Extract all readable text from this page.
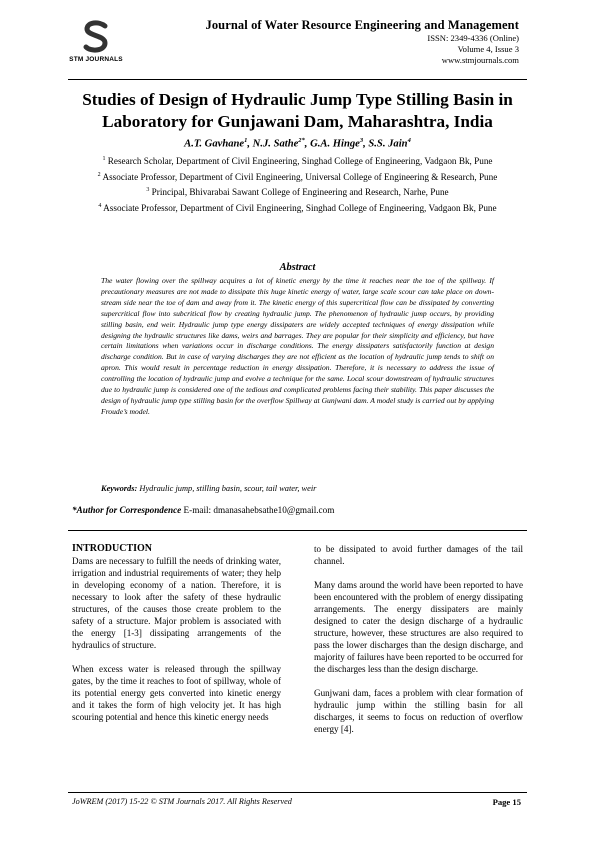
STM JOURNALS
Journal of Water Resource Engineering and Management
ISSN: 2349-4336 (Online)
Volume 4, Issue 3
www.stmjournals.com
Studies of Design of Hydraulic Jump Type Stilling Basin in Laboratory for Gunjawani Dam, Maharashtra, India
A.T. Gavhane$^1$, N.J. Sathe$^{2*}$, G.A. Hinge$^3$, S.S. Jain$^4$
$^1$ Research Scholar, Department of Civil Engineering, Singhad College of Engineering, Vadgaon Bk, Pune
$^2$ Associate Professor, Department of Civil Engineering, Universal College of Engineering & Research, Pune
$^3$ Principal, Bhivarabai Sawant College of Engineering and Research, Narhe, Pune
$^4$ Associate Professor, Department of Civil Engineering, Singhad College of Engineering, Vadgaon Bk, Pune
Abstract
The water flowing over the spillway acquires a lot of kinetic energy by the time it reaches near the toe of the spillway. If precautionary measures are not made to dissipate this huge kinetic energy of water, large scale scour can take place on down-stream side near the toe of dam and away from it. The kinetic energy of this supercritical flow can be dissipated by converting supercritical flow into subcritical flow by creating hydraulic jump. The phenomenon of hydraulic jump occurs, by providing stilling basin, end weir. Hydraulic jump type energy dissipaters are widely accepted techniques of energy dissipation while designing the hydraulic structures like dams, weirs and barrages. They are popular for their simplicity and efficiency, but have certain limitations when variations occur in discharge conditions. The energy dissipaters satisfactorily function at design discharge condition. But in case of varying discharges they are not efficient as the location of hydraulic jump tends to shift on apron. This would result in percentage reduction in energy dissipation. Therefore, it is necessary to address the issue of controlling the location of hydraulic jump and evolve a technique for the same. Local scour downstream of hydraulic structures due to hydraulic jump is considered one of the tedious and complicated problems facing their stability. This paper discusses the design of hydraulic jump type stilling basin for the overflow Spillway at Gunjwani dam. A model study is carried out by applying Froude’s model.
Keywords: Hydraulic jump, stilling basin, scour, tail water, weir
*Author for Correspondence E-mail: dmanasahebsathe10@gmail.com
INTRODUCTION
Dams are necessary to fulfill the needs of drinking water, irrigation and industrial requirements of water; they help in developing economy of a nation. Therefore, it is necessary to look after the safety of these hydraulic structures, of the causes those create problem to the safety of a structure. Major problem is associated with the energy [1-3] dissipating arrangements of the hydraulics of structure.
When excess water is released through the spillway gates, by the time it reaches to foot of spillway, whole of its potential energy gets converted into kinetic energy and it takes the form of high velocity jet. It has high scouring potential and hence this kinetic energy needs
to be dissipated to avoid further damages of the tail channel.
Many dams around the world have been reported to have been encountered with the problem of energy dissipating arrangements. The energy dissipaters are mainly designed to cater the design discharge of a hydraulic structure, however, these structures are also required to pass the lower discharges than the design discharge, and majority of failures have been reported to be occurred for the discharges less than the design discharge.
Gunjwani dam, faces a problem with clear formation of hydraulic jump within the stilling basin for all discharges, it seems to focus on reduction of overflow energy [4].
JoWREM (2017) 15-22 © STM Journals 2017. All Rights Reserved	Page 15
